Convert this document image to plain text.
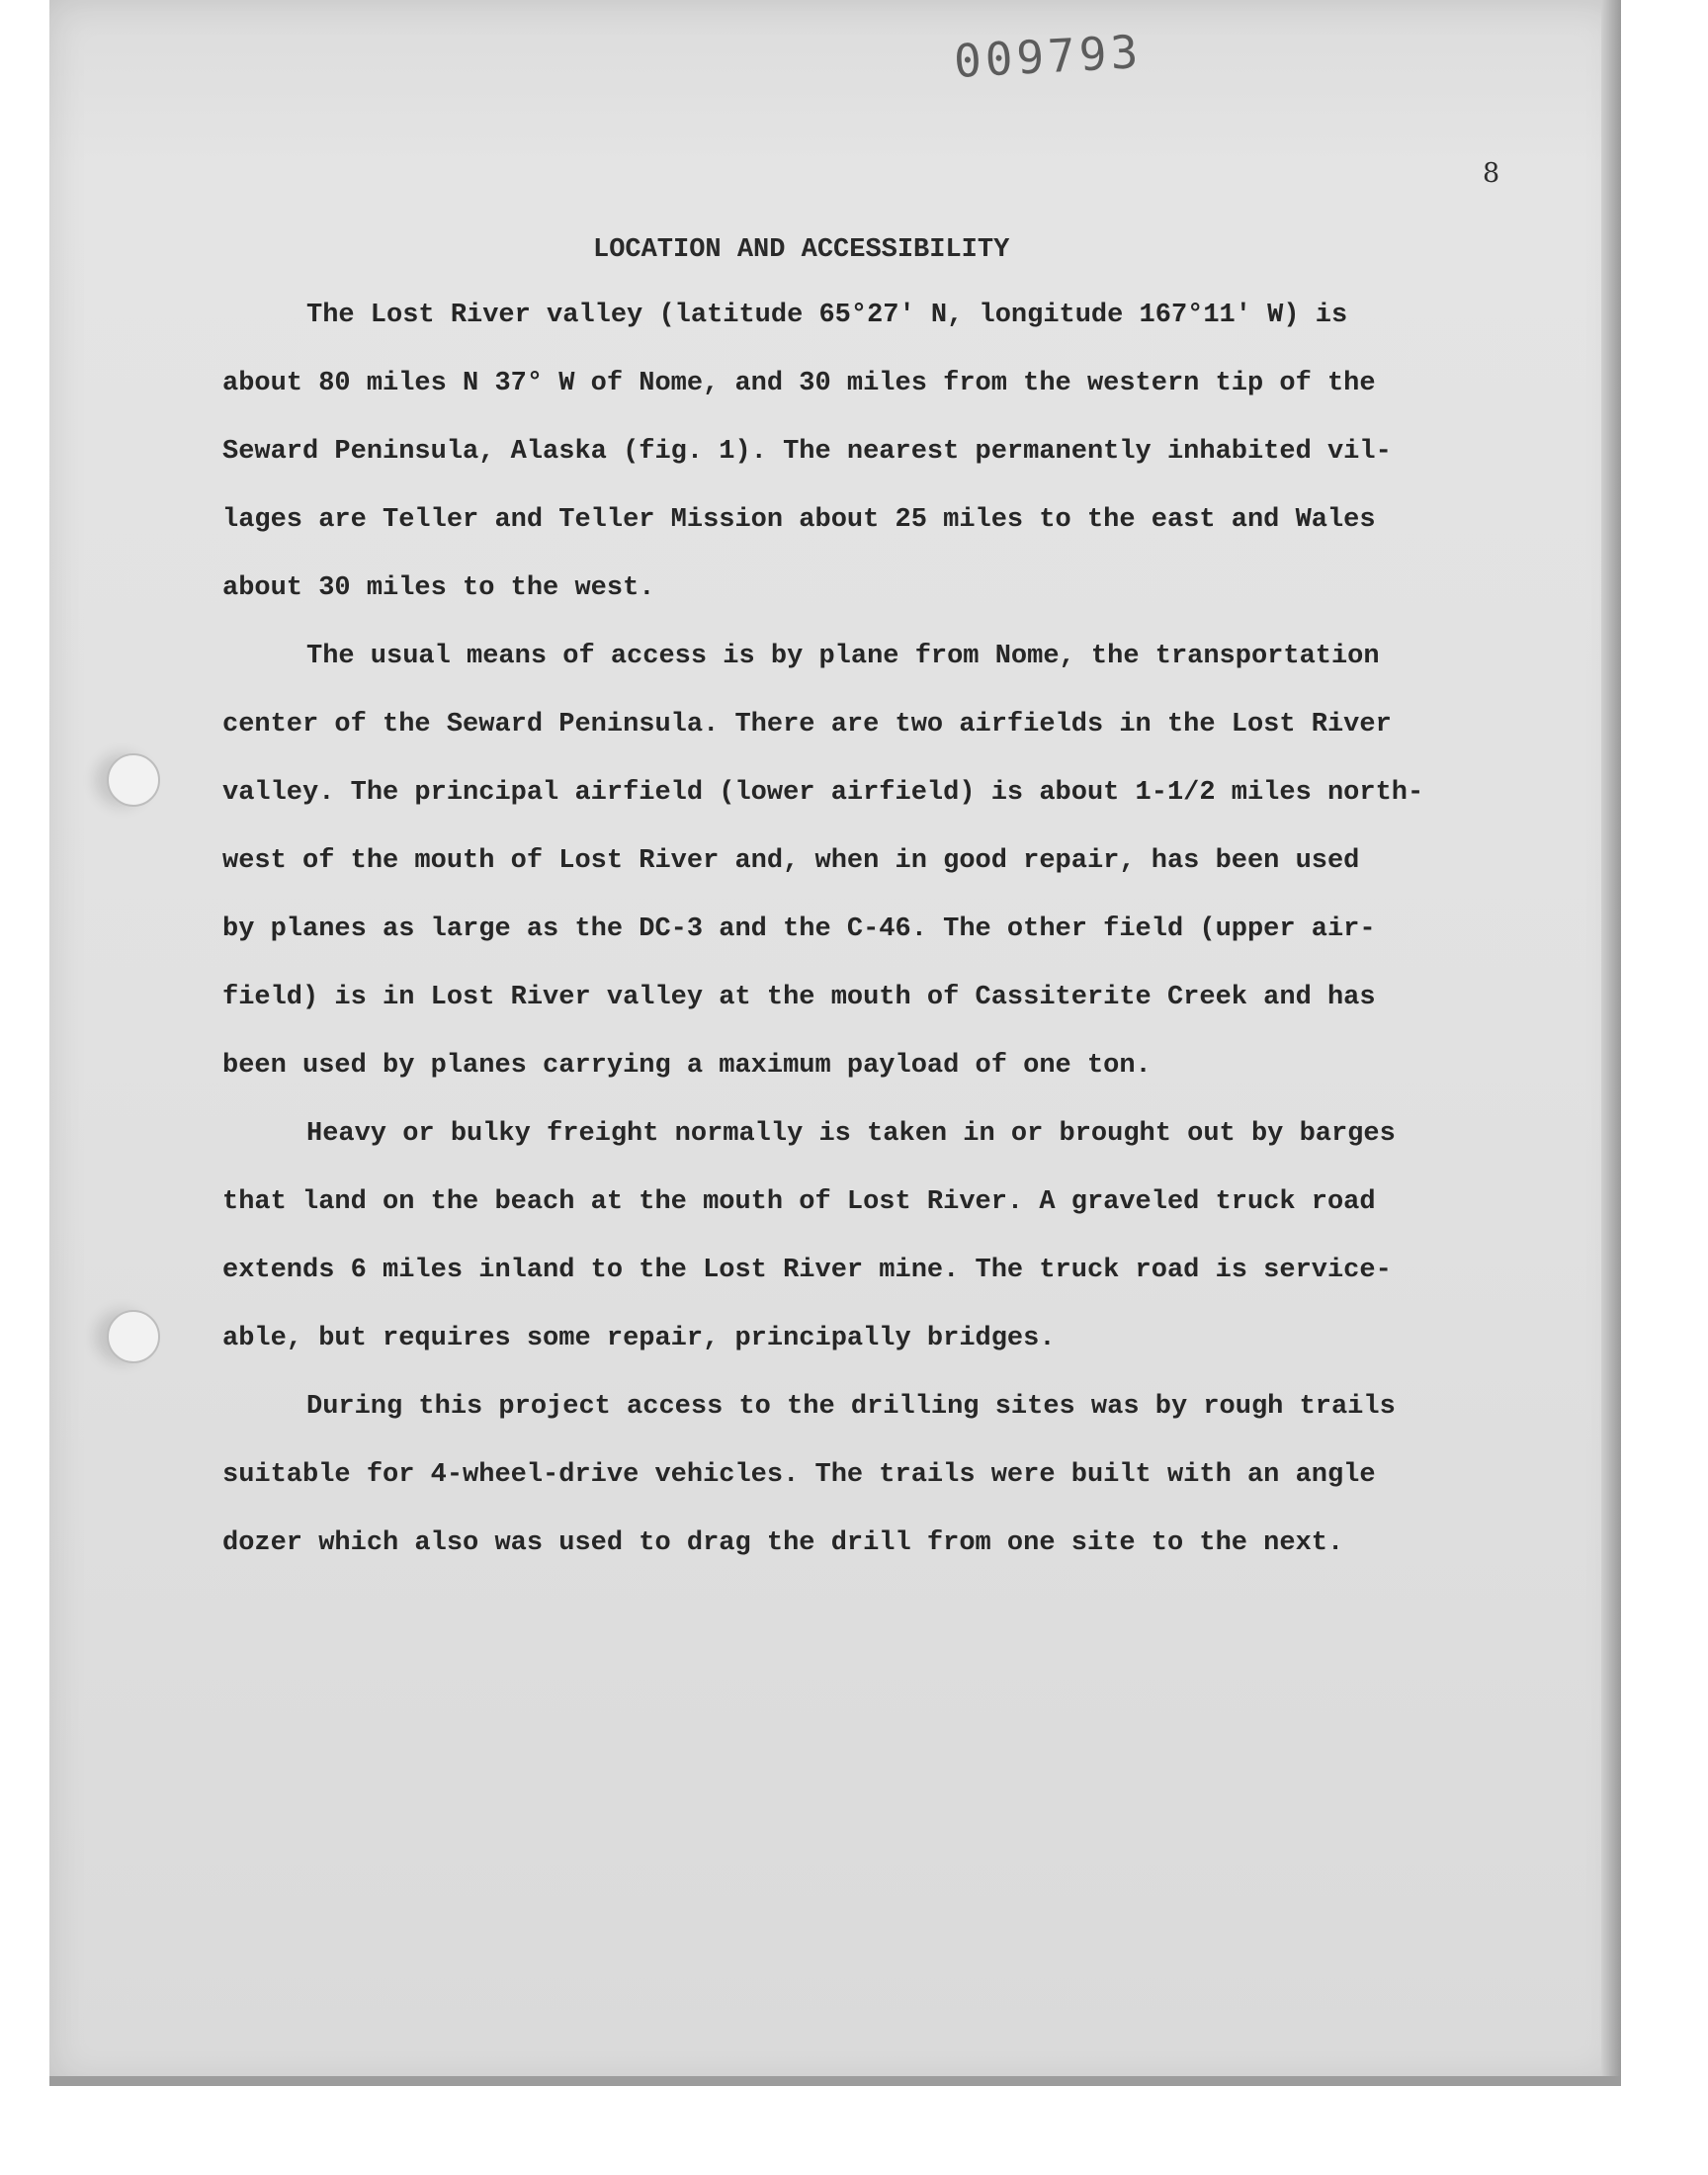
009793
8
LOCATION AND ACCESSIBILITY
The Lost River valley (latitude 65°27' N, longitude 167°11' W) is
about 80 miles N 37° W of Nome, and 30 miles from the western tip of the
Seward Peninsula, Alaska (fig. 1). The nearest permanently inhabited vil-
lages are Teller and Teller Mission about 25 miles to the east and Wales
about 30 miles to the west.
The usual means of access is by plane from Nome, the transportation
center of the Seward Peninsula. There are two airfields in the Lost River
valley. The principal airfield (lower airfield) is about 1-1/2 miles north-
west of the mouth of Lost River and, when in good repair, has been used
by planes as large as the DC-3 and the C-46. The other field (upper air-
field) is in Lost River valley at the mouth of Cassiterite Creek and has
been used by planes carrying a maximum payload of one ton.
Heavy or bulky freight normally is taken in or brought out by barges
that land on the beach at the mouth of Lost River. A graveled truck road
extends 6 miles inland to the Lost River mine. The truck road is service-
able, but requires some repair, principally bridges.
During this project access to the drilling sites was by rough trails
suitable for 4-wheel-drive vehicles. The trails were built with an angle
dozer which also was used to drag the drill from one site to the next.
